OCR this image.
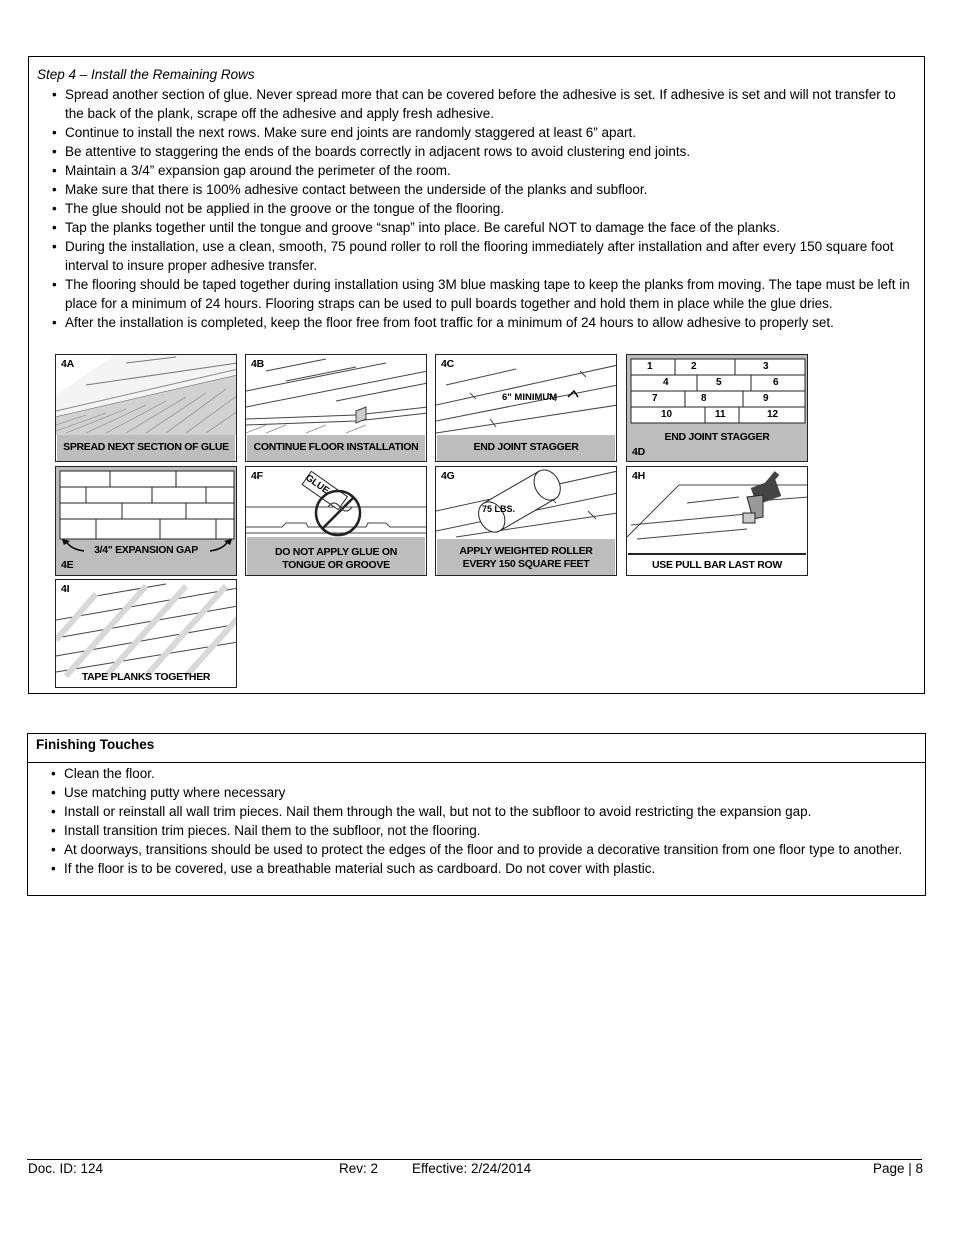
Step 4 – Install the Remaining Rows
• Spread another section of glue. Never spread more that can be covered before the adhesive is set. If adhesive is set and will not transfer to the back of the plank, scrape off the adhesive and apply fresh adhesive.
• Continue to install the next rows. Make sure end joints are randomly staggered at least 6” apart.
• Be attentive to staggering the ends of the boards correctly in adjacent rows to avoid clustering end joints.
• Maintain a 3/4” expansion gap around the perimeter of the room.
• Make sure that there is 100% adhesive contact between the underside of the planks and subfloor.
• The glue should not be applied in the groove or the tongue of the flooring.
• Tap the planks together until the tongue and groove “snap” into place. Be careful NOT to damage the face of the planks.
• During the installation, use a clean, smooth, 75 pound roller to roll the flooring immediately after installation and after every 150 square foot interval to insure proper adhesive transfer.
• The flooring should be taped together during installation using 3M blue masking tape to keep the planks from moving. The tape must be left in place for a minimum of 24 hours. Flooring straps can be used to pull boards together and hold them in place while the glue dries.
• After the installation is completed, keep the floor free from foot traffic for a minimum of 24 hours to allow adhesive to properly set.
4A
SPREAD NEXT SECTION OF GLUE
4B
CONTINUE FLOOR INSTALLATION
6" MINIMUM
4C
END JOINT STAGGER
1	2	3
4	5	6
7	8	9
10	11	12
END JOINT STAGGER
4D
3/4" EXPANSION GAP
4E
GLUE
4F
DO NOT APPLY GLUE ON
TONGUE OR GROOVE
75 LBS.
4G
APPLY WEIGHTED ROLLER
EVERY 150 SQUARE FEET
4H
USE PULL BAR LAST ROW
4I
TAPE PLANKS TOGETHER
Finishing Touches
• Clean the floor.
• Use matching putty where necessary
• Install or reinstall all wall trim pieces. Nail them through the wall, but not to the subfloor to avoid restricting the expansion gap.
• Install transition trim pieces. Nail them to the subfloor, not the flooring.
• At doorways, transitions should be used to protect the edges of the floor and to provide a decorative transition from one floor type to another.
• If the floor is to be covered, use a breathable material such as cardboard. Do not cover with plastic.
Doc. ID: 124	Rev: 2	Effective: 2/24/2014	Page | 8
